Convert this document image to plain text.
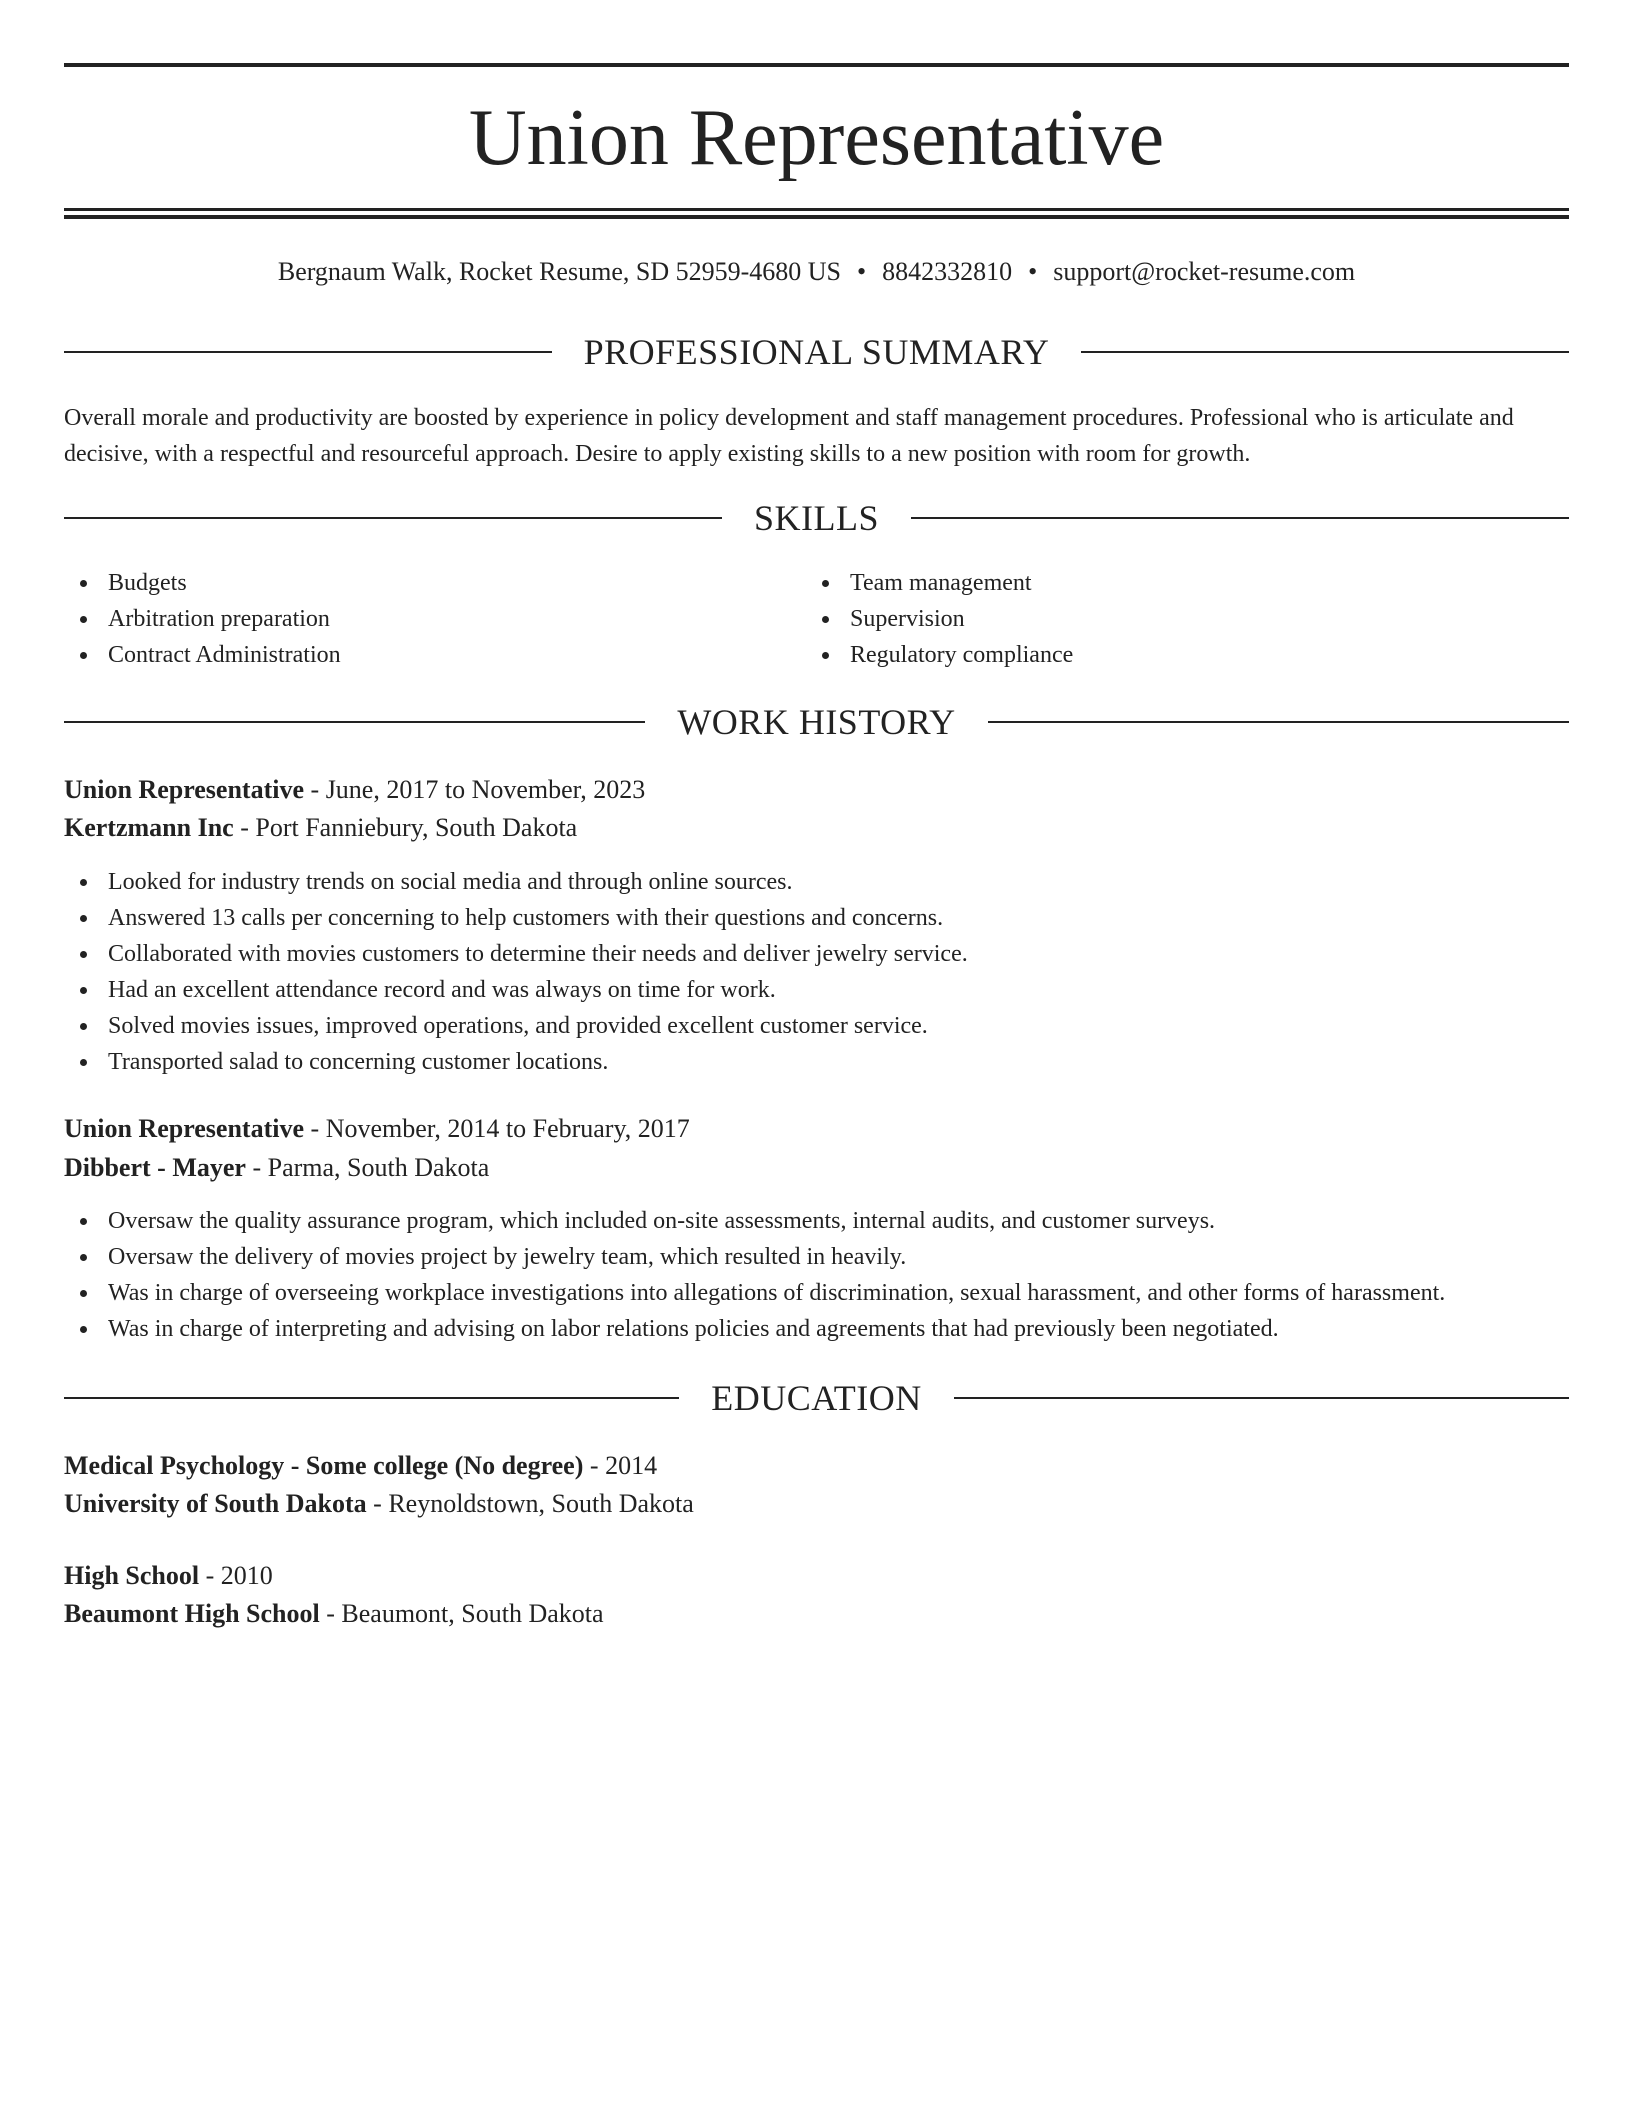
Union Representative
Bergnaum Walk, Rocket Resume, SD 52959-4680 US • 8842332810 • support@rocket-resume.com
PROFESSIONAL SUMMARY

Overall morale and productivity are boosted by experience in policy development and staff management procedures. Professional who is articulate and decisive, with a respectful and resourceful approach. Desire to apply existing skills to a new position with room for growth.

SKILLS
Budgets
Arbitration preparation
Contract Administration
Team management
Supervision
Regulatory compliance
WORK HISTORY
Union Representative - June, 2017 to November, 2023
Kertzmann Inc - Port Fanniebury, South Dakota
Looked for industry trends on social media and through online sources.
Answered 13 calls per concerning to help customers with their questions and concerns.
Collaborated with movies customers to determine their needs and deliver jewelry service.
Had an excellent attendance record and was always on time for work.
Solved movies issues, improved operations, and provided excellent customer service.
Transported salad to concerning customer locations.
Union Representative - November, 2014 to February, 2017
Dibbert - Mayer - Parma, South Dakota
Oversaw the quality assurance program, which included on-site assessments, internal audits, and customer surveys.
Oversaw the delivery of movies project by jewelry team, which resulted in heavily.
Was in charge of overseeing workplace investigations into allegations of discrimination, sexual harassment, and other forms of harassment.
Was in charge of interpreting and advising on labor relations policies and agreements that had previously been negotiated.
EDUCATION
Medical Psychology - Some college (No degree) - 2014
University of South Dakota - Reynoldstown, South Dakota
High School - 2010
Beaumont High School - Beaumont, South Dakota
